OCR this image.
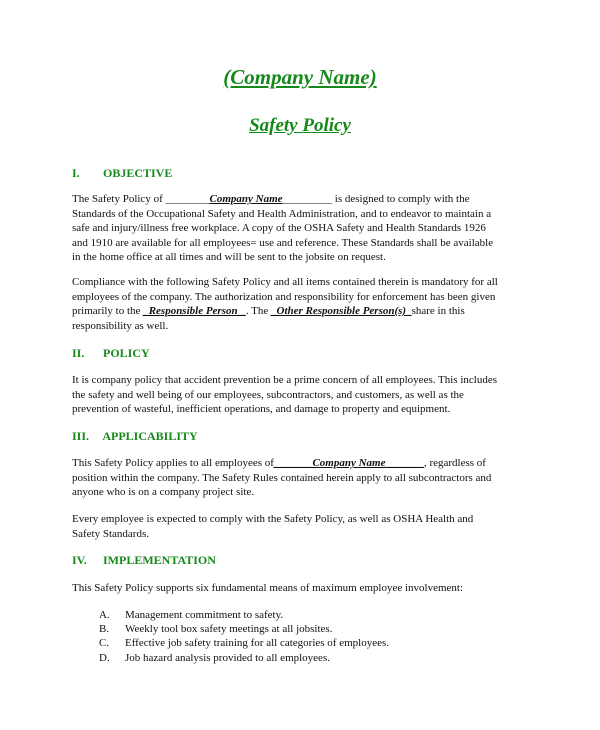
(Company Name)
Safety Policy
I. OBJECTIVE
The Safety Policy of ________Company Name_________ is designed to comply with the
Standards of the Occupational Safety and Health Administration, and to endeavor to maintain a
safe and injury/illness free workplace. A copy of the OSHA Safety and Health Standards 1926
and 1910 are available for all employees= use and reference. These Standards shall be available
in the home office at all times and will be sent to the jobsite on request.
Compliance with the following Safety Policy and all items contained therein is mandatory for all
employees of the company. The authorization and responsibility for enforcement has been given
primarily to the _Responsible Person _. The _Other Responsible Person(s)_share in this
responsibility as well.
II. POLICY
It is company policy that accident prevention be a prime concern of all employees. This includes
the safety and well being of our employees, subcontractors, and customers, as well as the
prevention of wasteful, inefficient operations, and damage to property and equipment.
III. APPLICABILITY
This Safety Policy applies to all employees of_______Company Name_______, regardless of
position within the company. The Safety Rules contained herein apply to all subcontractors and
anyone who is on a company project site.
Every employee is expected to comply with the Safety Policy, as well as OSHA Health and
Safety Standards.
IV. IMPLEMENTATION
This Safety Policy supports six fundamental means of maximum employee involvement:
A. Management commitment to safety.
B. Weekly tool box safety meetings at all jobsites.
C. Effective job safety training for all categories of employees.
D. Job hazard analysis provided to all employees.
